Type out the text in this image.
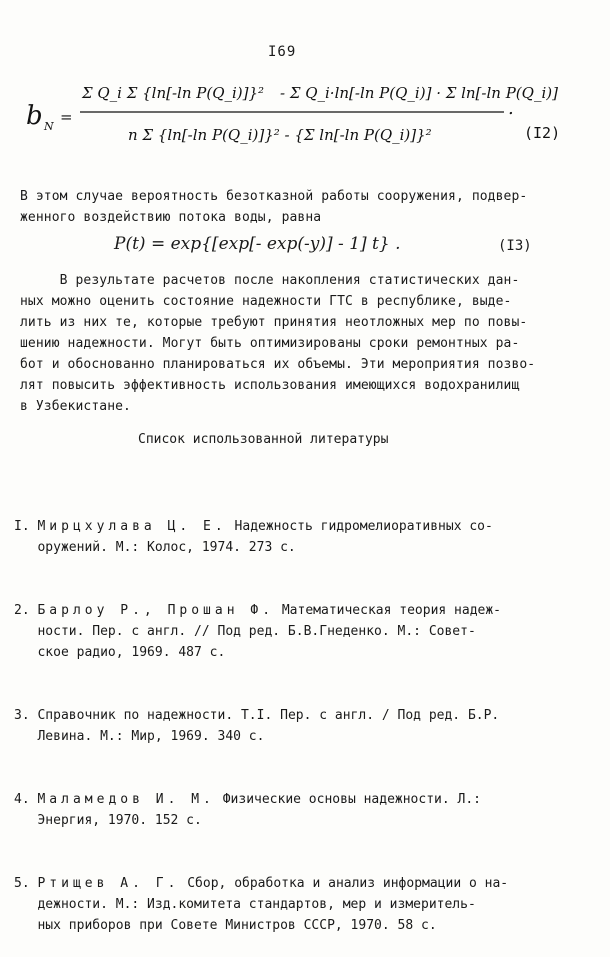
I69
b N
=
Σ Q_i Σ {ln[-ln P(Q_i)]}² - Σ Q_i·ln[-ln P(Q_i)] · Σ ln[-ln P(Q_i)]
n Σ {ln[-ln P(Q_i)]}² - {Σ ln[-ln P(Q_i)]}²
.
(I2)
В этом случае вероятность безотказной работы сооружения, подвер-
женного воздействию потока воды, равна
P(t) = exp{[exp[- exp(-y)] - 1] t} .	(I3)
В результате расчетов после накопления статистических дан-
ных можно оценить состояние надежности ГТС в республике, выде-
лить из них те, которые требуют принятия неотложных мер по повы-
шению надежности. Могут быть оптимизированы сроки ремонтных ра-
бот и обоснованно планироваться их объемы. Эти мероприятия позво-
лят повысить эффективность использования имеющихся водохранилищ
в Узбекистане.
Список использованной литературы

I. Мирцхулава Ц. Е. Надежность гидромелиоративных со-
оружений. М.: Колос, 1974. 273 с.

2. Барлоу Р., Прошан Ф. Математическая теория надеж-
ности. Пер. с англ. // Под ред. Б.В.Гнеденко. М.: Совет-
ское радио, 1969. 487 с.

3. Справочник по надежности. Т.I. Пер. с англ. / Под ред. Б.Р.
Левина. М.: Мир, 1969. 340 с.

4. Маламедов И. М. Физические основы надежности. Л.:
Энергия, 1970. 152 с.

5. Ртищев А. Г. Сбор, обработка и анализ информации о на-
дежности. М.: Изд.комитета стандартов, мер и измеритель-
ных приборов при Совете Министров СССР, 1970. 58 с.
